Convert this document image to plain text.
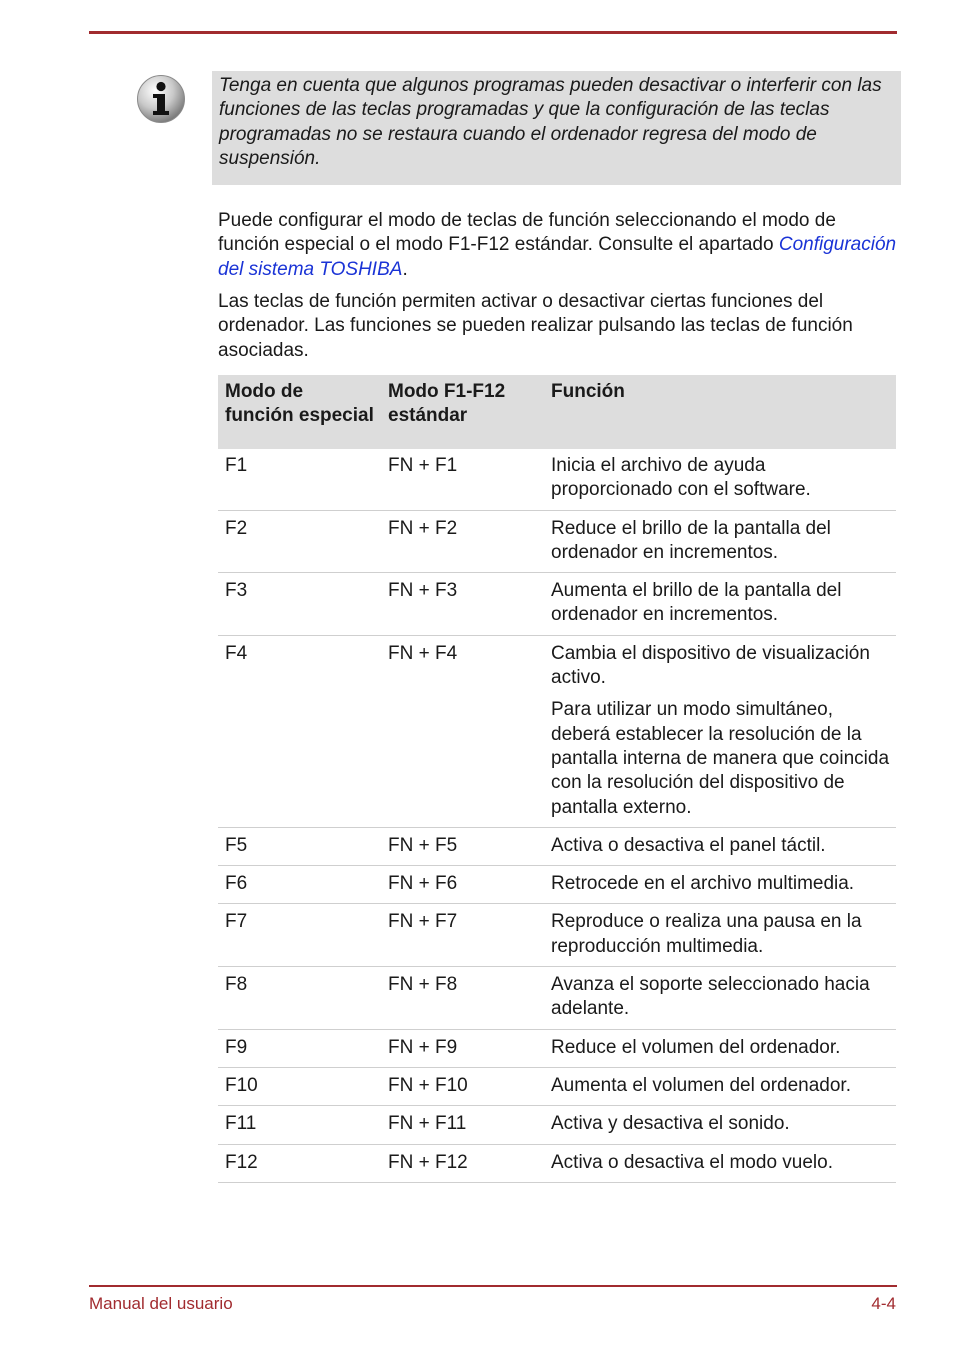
Tenga en cuenta que algunos programas pueden desactivar o interferir con las funciones de las teclas programadas y que la configuración de las teclas programadas no se restaura cuando el ordenador regresa del modo de suspensión.

Puede configurar el modo de teclas de función seleccionando el modo de función especial o el modo F1-F12 estándar. Consulte el apartado Configuración del sistema TOSHIBA.

Las teclas de función permiten activar o desactivar ciertas funciones del ordenador. Las funciones se pueden realizar pulsando las teclas de función asociadas.

Modo de función especial	Modo F1-F12 estándar	Función
F1	FN + F1	Inicia el archivo de ayuda proporcionado con el software.

F2	FN + F2	Reduce el brillo de la pantalla del ordenador en incrementos.

F3	FN + F3	Aumenta el brillo de la pantalla del ordenador en incrementos.

F4	FN + F4	Cambia el dispositivo de visualización activo.

Para utilizar un modo simultáneo, deberá establecer la resolución de la pantalla interna de manera que coincida con la resolución del dispositivo de pantalla externo.

F5	FN + F5	Activa o desactiva el panel táctil.

F6	FN + F6	Retrocede en el archivo multimedia.

F7	FN + F7	Reproduce o realiza una pausa en la reproducción multimedia.

F8	FN + F8	Avanza el soporte seleccionado hacia adelante.

F9	FN + F9	Reduce el volumen del ordenador.

F10	FN + F10	Aumenta el volumen del ordenador.

F11	FN + F11	Activa y desactiva el sonido.

F12	FN + F12	Activa o desactiva el modo vuelo.

Manual del usuario	4-4
